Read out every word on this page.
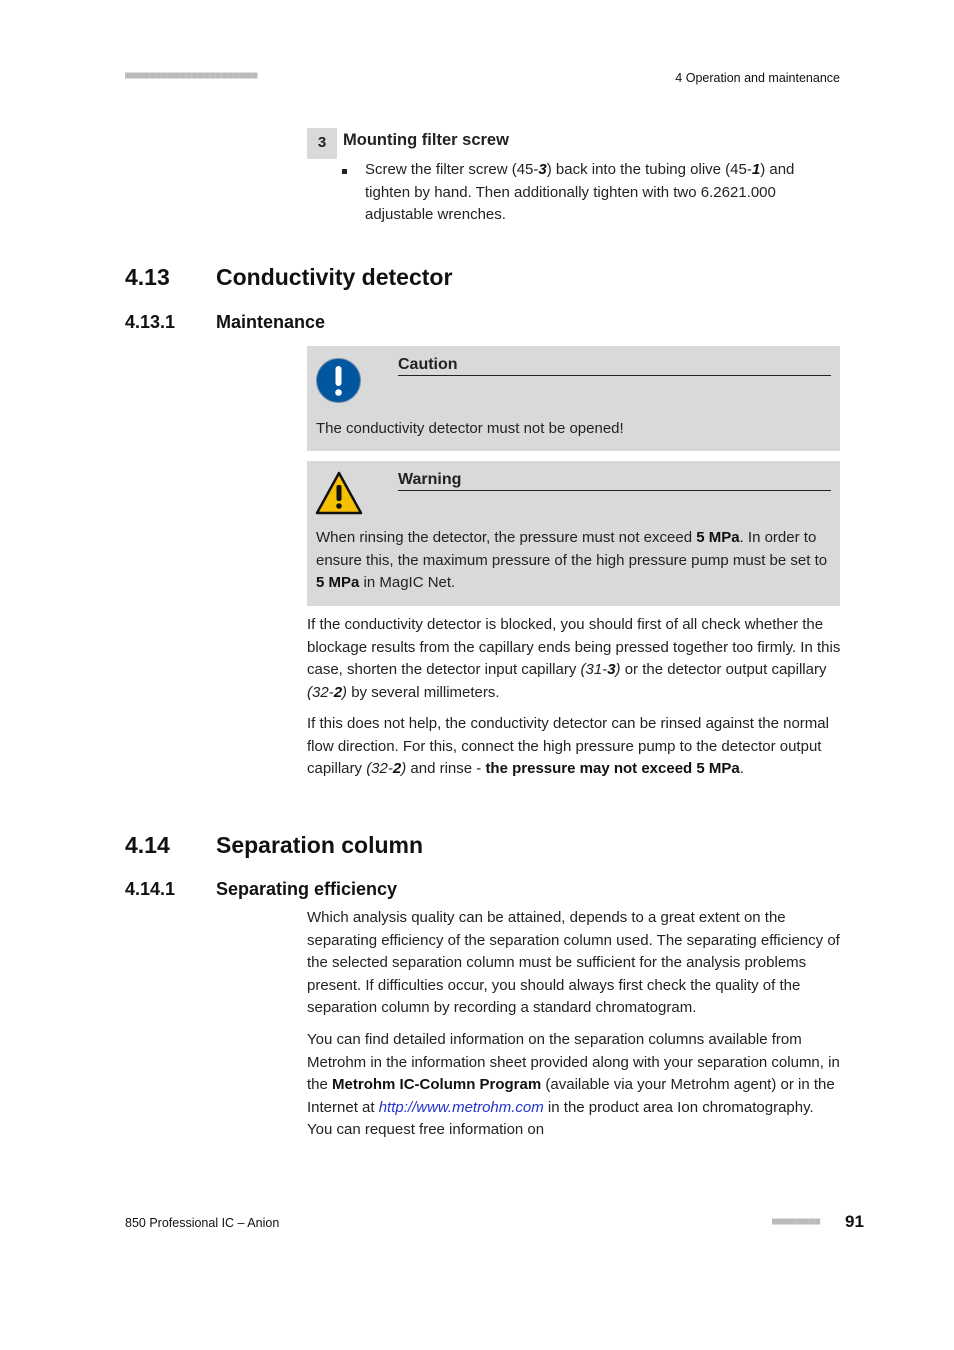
■■■■■■■■■■■■■■■■■■■■■■	4 Operation and maintenance
3	Mounting filter screw
Screw the filter screw (45-3) back into the tubing olive (45-1) and tighten by hand. Then additionally tighten with two 6.2621.000 adjustable wrenches.
4.13 Conductivity detector
4.13.1 Maintenance
Caution
The conductivity detector must not be opened!
Warning
When rinsing the detector, the pressure must not exceed 5 MPa. In order to ensure this, the maximum pressure of the high pressure pump must be set to 5 MPa in MagIC Net.

If the conductivity detector is blocked, you should first of all check whether the blockage results from the capillary ends being pressed together too firmly. In this case, shorten the detector input capillary (31-3) or the detector output capillary (32-2) by several millimeters.

If this does not help, the conductivity detector can be rinsed against the normal flow direction. For this, connect the high pressure pump to the detector output capillary (32-2) and rinse - the pressure may not exceed 5 MPa.

4.14 Separation column
4.14.1 Separating efficiency

Which analysis quality can be attained, depends to a great extent on the separating efficiency of the separation column used. The separating efficiency of the selected separation column must be sufficient for the analysis problems present. If difficulties occur, you should always first check the quality of the separation column by recording a standard chromatogram.

You can find detailed information on the separation columns available from Metrohm in the information sheet provided along with your separation column, in the Metrohm IC-Column Program (available via your Metrohm agent) or in the Internet at http://www.metrohm.com in the product area Ion chromatography. You can request free information on

850 Professional IC – Anion	■■■■■■■■ 91
